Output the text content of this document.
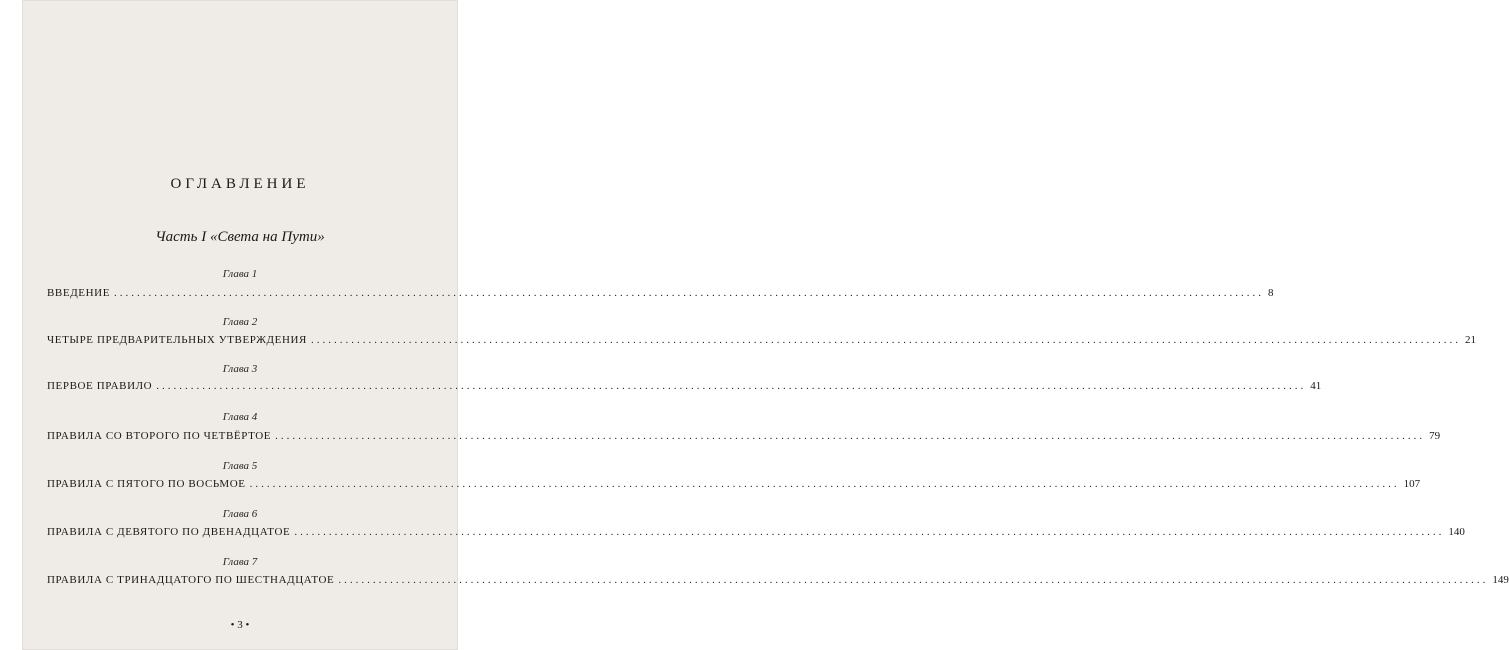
ОГЛАВЛЕНИЕ
Часть I «Света на Пути»
Глава 1
ВВЕДЕНИЕ ........................................................................................................................................................................................................ 8
Глава 2
ЧЕТЫРЕ ПРЕДВАРИТЕЛЬНЫХ УТВЕРЖДЕНИЯ ........................................................................................................................................................................................................ 21
Глава 3
ПЕРВОЕ ПРАВИЛО ........................................................................................................................................................................................................ 41
Глава 4
ПРАВИЛА СО ВТОРОГО ПО ЧЕТВЁРТОЕ ........................................................................................................................................................................................................ 79
Глава 5
ПРАВИЛА С ПЯТОГО ПО ВОСЬМОЕ ........................................................................................................................................................................................................ 107
Глава 6
ПРАВИЛА С ДЕВЯТОГО ПО ДВЕНАДЦАТОЕ ........................................................................................................................................................................................................ 140
Глава 7
ПРАВИЛА С ТРИНАДЦАТОГО ПО ШЕСТНАДЦАТОЕ ........................................................................................................................................................................................................ 149
• 3 •
